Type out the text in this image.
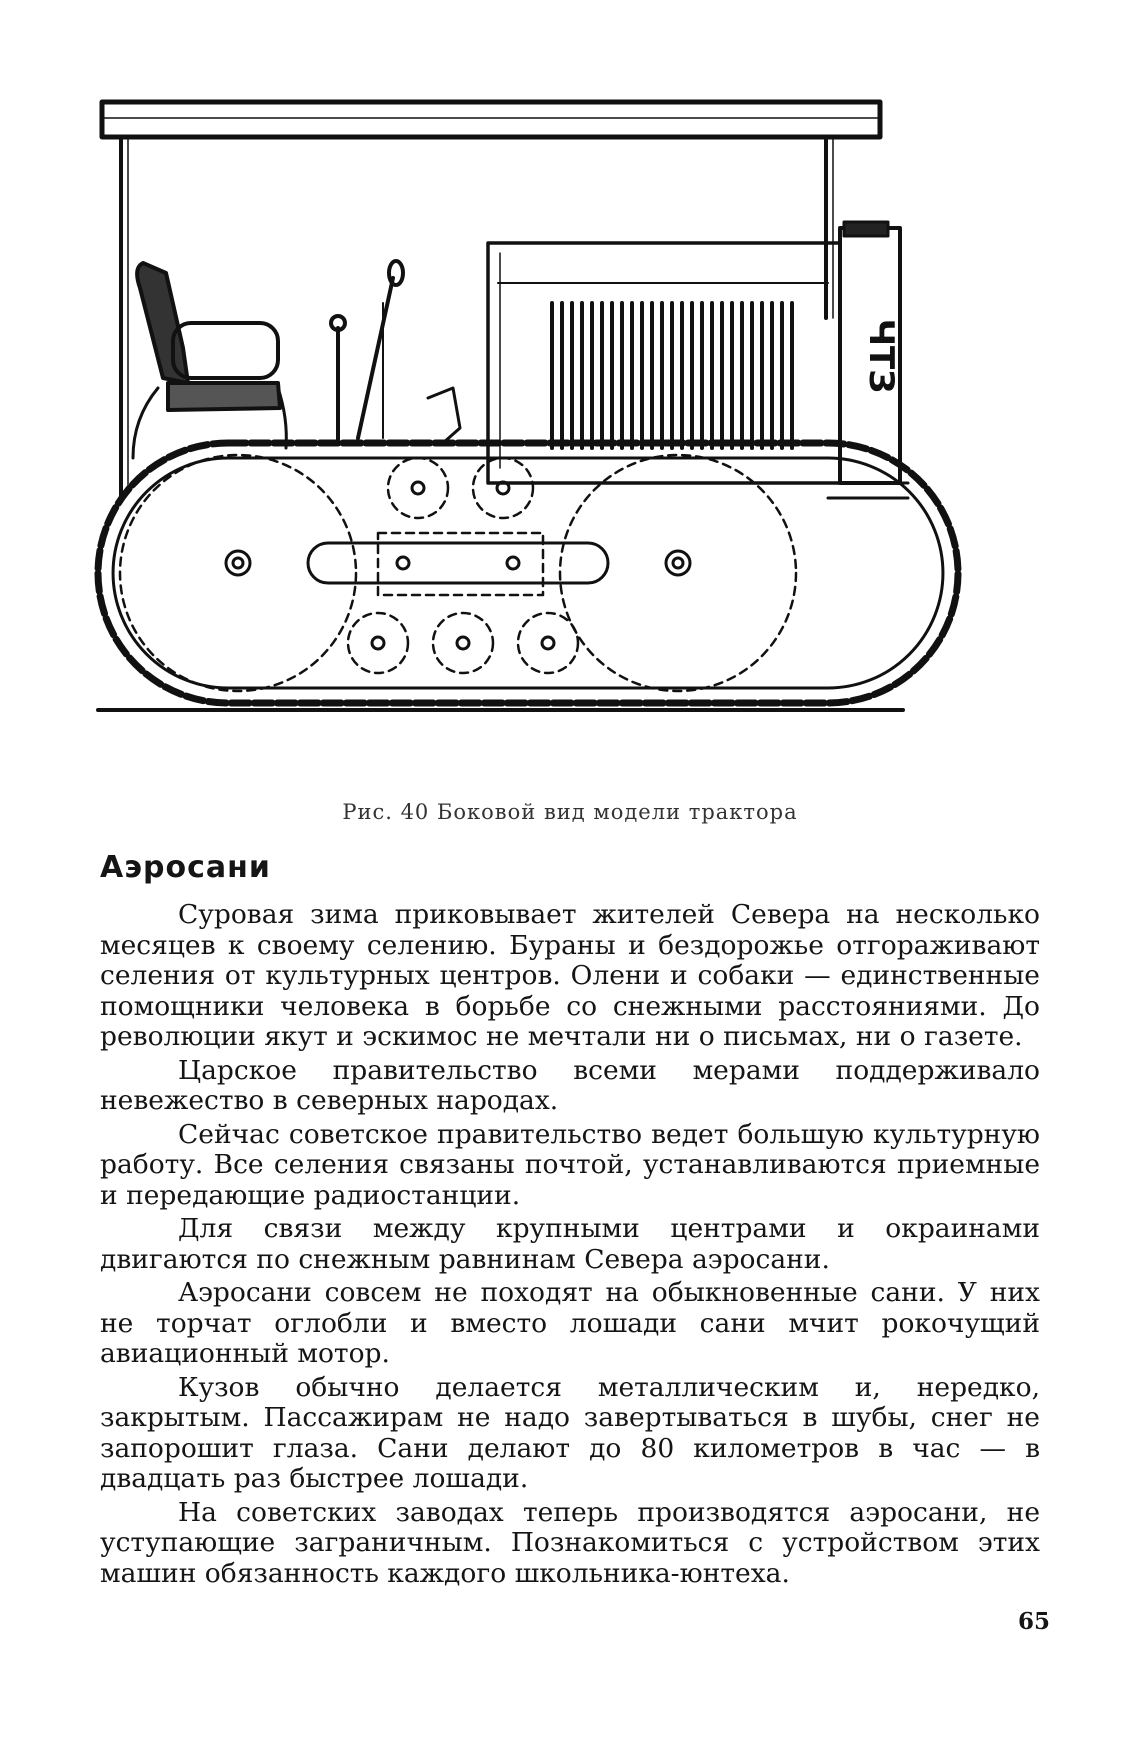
ЧТЗ
Рис. 40 Боковой вид модели трактора
Аэросани

Суровая зима приковывает жителей Севера на несколько месяцев к своему селению. Бураны и бездорожье отгораживают селения от культурных центров. Олени и собаки — единственные помощники человека в борьбе со снежными расстояниями. До революции якут и эскимос не мечтали ни о письмах, ни о газете.

Царское правительство всеми мерами поддерживало невежество в северных народах.

Сейчас советское правительство ведет большую культурную работу. Все селения связаны почтой, устанавливаются приемные и передающие радиостанции.

Для связи между крупными центрами и окраинами двигаются по снежным равнинам Севера аэросани.

Аэросани совсем не походят на обыкновенные сани. У них не торчат оглобли и вместо лошади сани мчит рокочущий авиационный мотор.

Кузов обычно делается металлическим и, нередко, закрытым. Пассажирам не надо завертываться в шубы, снег не запорошит глаза. Сани делают до 80 километров в час — в двадцать раз быстрее лошади.

На советских заводах теперь производятся аэросани, не уступающие заграничным. Познакомиться с устройством этих машин обязанность каждого школьника-юнтеха.

65
